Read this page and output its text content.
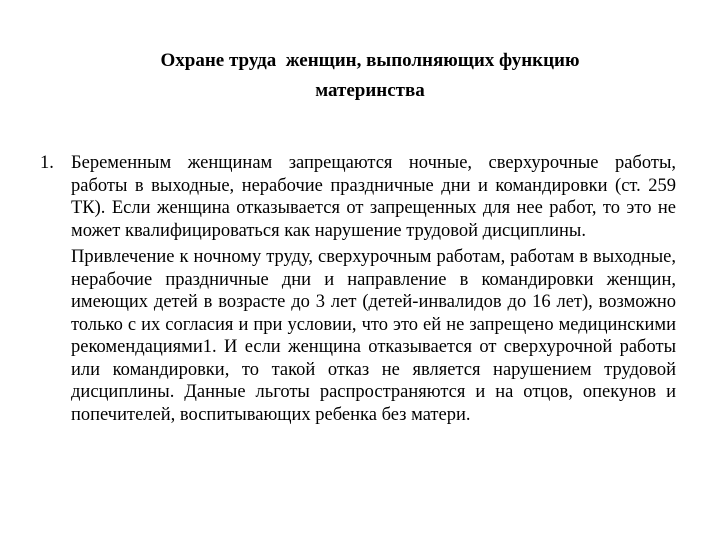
Охране труда  женщин, выполняющих функцию
материнства
1. Беременным женщинам запрещаются ночные, сверхурочные работы, работы в выходные, нерабочие праздничные дни и командировки (ст. 259 ТК). Если женщина отказывается от запрещенных для нее работ, то это не может квалифицироваться как нарушение трудовой дисциплины.
Привлечение к ночному труду, сверхурочным работам, работам в выходные, нерабочие праздничные дни и направление в командировки женщин, имеющих детей в возрасте до 3 лет (детей-инвалидов до 16 лет), возможно только с их согласия и при условии, что это ей не запрещено медицинскими рекомендациями1. И если женщина отказывается от сверхурочной работы или командировки, то такой отказ не является нарушением трудовой дисциплины. Данные льготы распространяются и на отцов, опекунов и попечителей, воспитывающих ребенка без матери.
